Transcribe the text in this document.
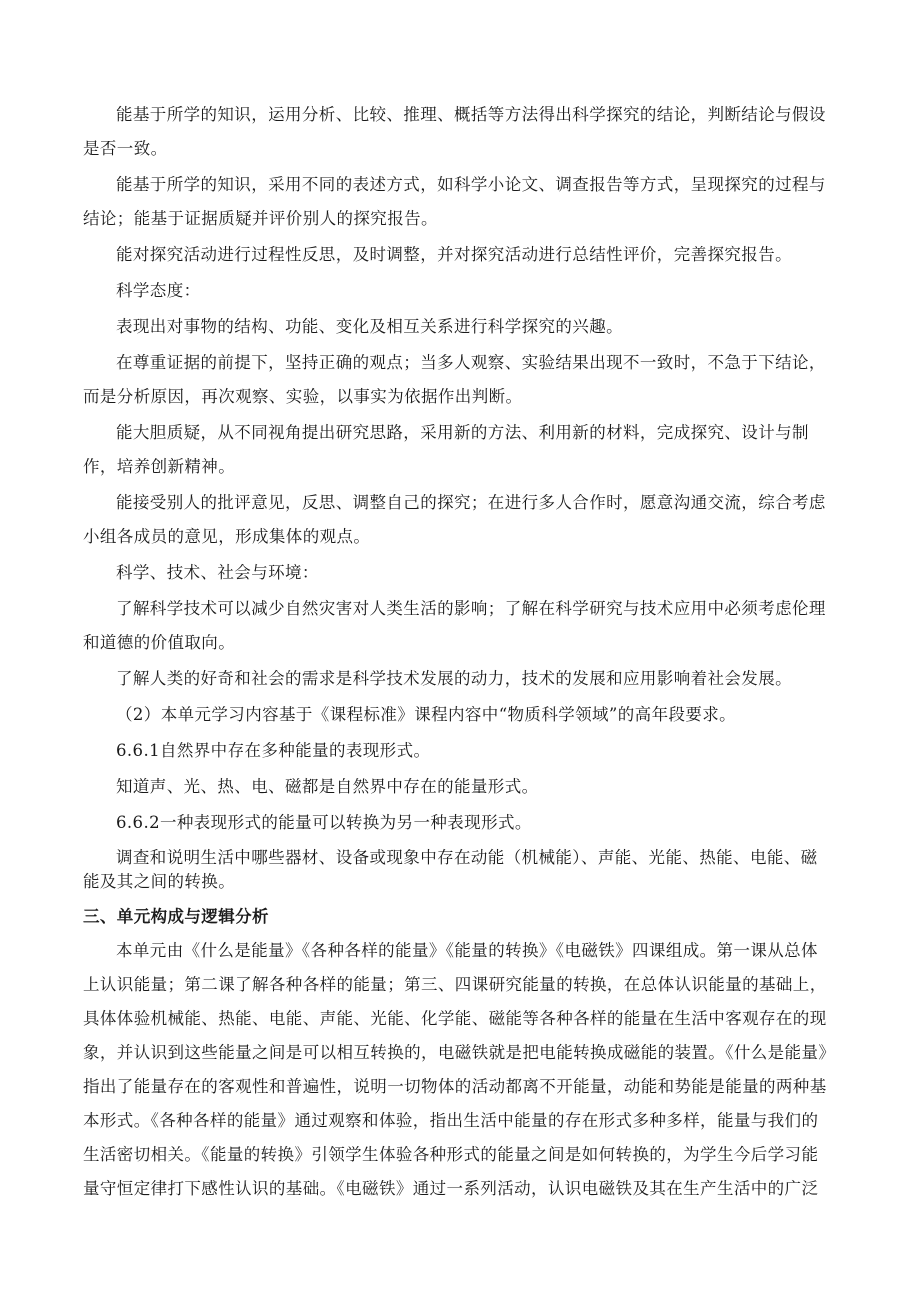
能基于所学的知识，运用分析、比较、推理、概括等方法得出科学探究的结论，判断结论与假设是否一致。

能基于所学的知识，采用不同的表述方式，如科学小论文、调查报告等方式，呈现探究的过程与结论；能基于证据质疑并评价别人的探究报告。

能对探究活动进行过程性反思，及时调整，并对探究活动进行总结性评价，完善探究报告。

科学态度：

表现出对事物的结构、功能、变化及相互关系进行科学探究的兴趣。

在尊重证据的前提下，坚持正确的观点；当多人观察、实验结果出现不一致时，不急于下结论，而是分析原因，再次观察、实验，以事实为依据作出判断。

能大胆质疑，从不同视角提出研究思路，采用新的方法、利用新的材料，完成探究、设计与制作，培养创新精神。

能接受别人的批评意见，反思、调整自己的探究；在进行多人合作时，愿意沟通交流，综合考虑小组各成员的意见，形成集体的观点。

科学、技术、社会与环境：

了解科学技术可以减少自然灾害对人类生活的影响；了解在科学研究与技术应用中必须考虑伦理和道德的价值取向。

了解人类的好奇和社会的需求是科学技术发展的动力，技术的发展和应用影响着社会发展。

（2）本单元学习内容基于《课程标准》课程内容中“物质科学领域”的高年段要求。

6.6.1自然界中存在多种能量的表现形式。

知道声、光、热、电、磁都是自然界中存在的能量形式。

6.6.2一种表现形式的能量可以转换为另一种表现形式。

调查和说明生活中哪些器材、设备或现象中存在动能（机械能）、声能、光能、热能、电能、磁能及其之间的转换。

三、单元构成与逻辑分析

本单元由《什么是能量》《各种各样的能量》《能量的转换》《电磁铁》四课组成。第一课从总体上认识能量；第二课了解各种各样的能量；第三、四课研究能量的转换，在总体认识能量的基础上，具体体验机械能、热能、电能、声能、光能、化学能、磁能等各种各样的能量在生活中客观存在的现象，并认识到这些能量之间是可以相互转换的，电磁铁就是把电能转换成磁能的装置。《什么是能量》指出了能量存在的客观性和普遍性，说明一切物体的活动都离不开能量，动能和势能是能量的两种基本形式。《各种各样的能量》通过观察和体验，指出生活中能量的存在形式多种多样，能量与我们的生活密切相关。《能量的转换》引领学生体验各种形式的能量之间是如何转换的，为学生今后学习能量守恒定律打下感性认识的基础。《电磁铁》通过一系列活动，认识电磁铁及其在生产生活中的广泛
